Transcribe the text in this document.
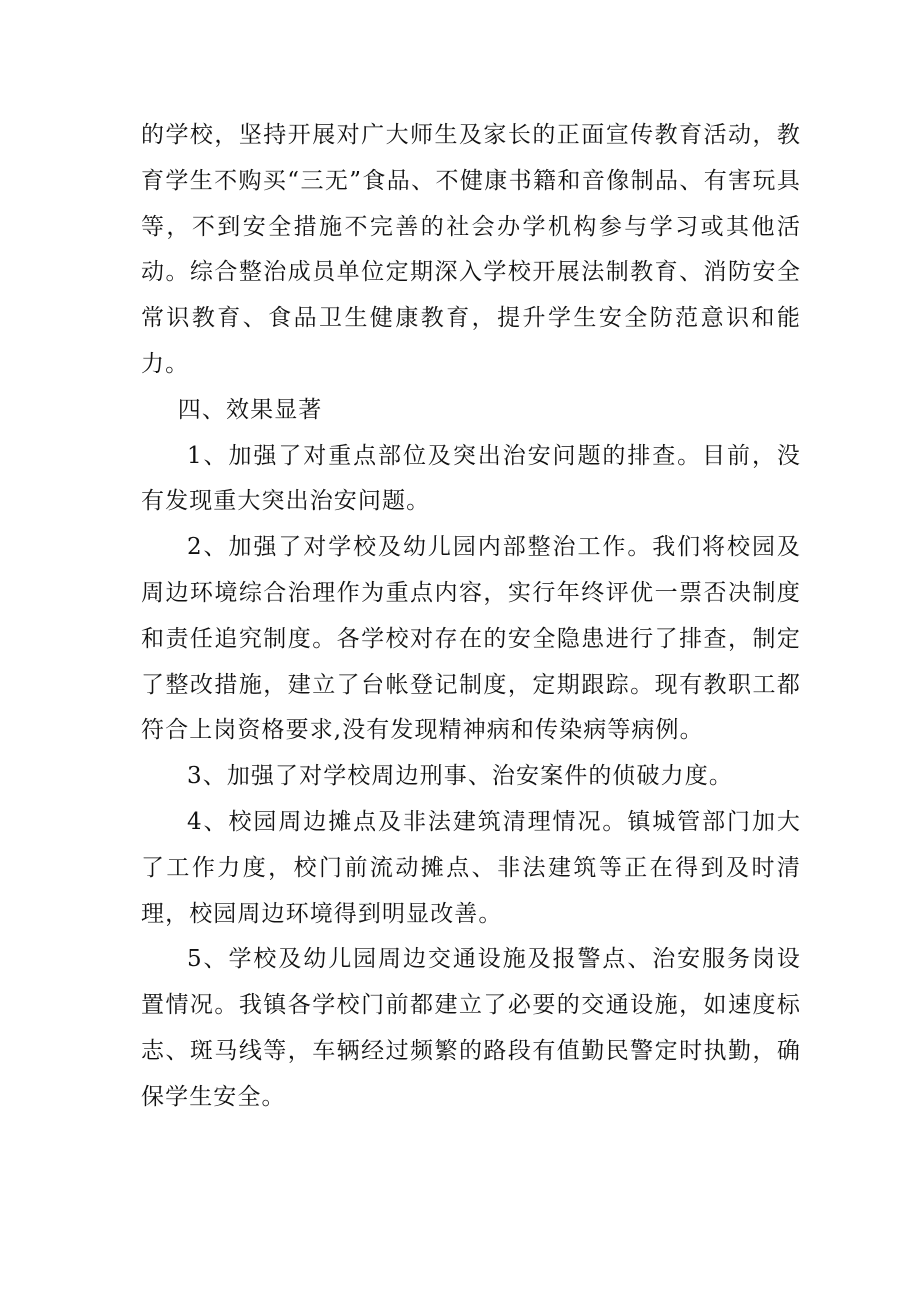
的学校，坚持开展对广大师生及家长的正面宣传教育活动，教育学生不购买“三无”食品、不健康书籍和音像制品、有害玩具等，不到安全措施不完善的社会办学机构参与学习或其他活动。综合整治成员单位定期深入学校开展法制教育、消防安全常识教育、食品卫生健康教育，提升学生安全防范意识和能力。

四、效果显著

1、加强了对重点部位及突出治安问题的排查。目前，没有发现重大突出治安问题。

2、加强了对学校及幼儿园内部整治工作。我们将校园及周边环境综合治理作为重点内容，实行年终评优一票否决制度和责任追究制度。各学校对存在的安全隐患进行了排查，制定了整改措施，建立了台帐登记制度，定期跟踪。现有教职工都符合上岗资格要求,没有发现精神病和传染病等病例。

3、加强了对学校周边刑事、治安案件的侦破力度。

4、校园周边摊点及非法建筑清理情况。镇城管部门加大了工作力度，校门前流动摊点、非法建筑等正在得到及时清理，校园周边环境得到明显改善。

5、学校及幼儿园周边交通设施及报警点、治安服务岗设置情况。我镇各学校门前都建立了必要的交通设施，如速度标志、斑马线等，车辆经过频繁的路段有值勤民警定时执勤，确保学生安全。
